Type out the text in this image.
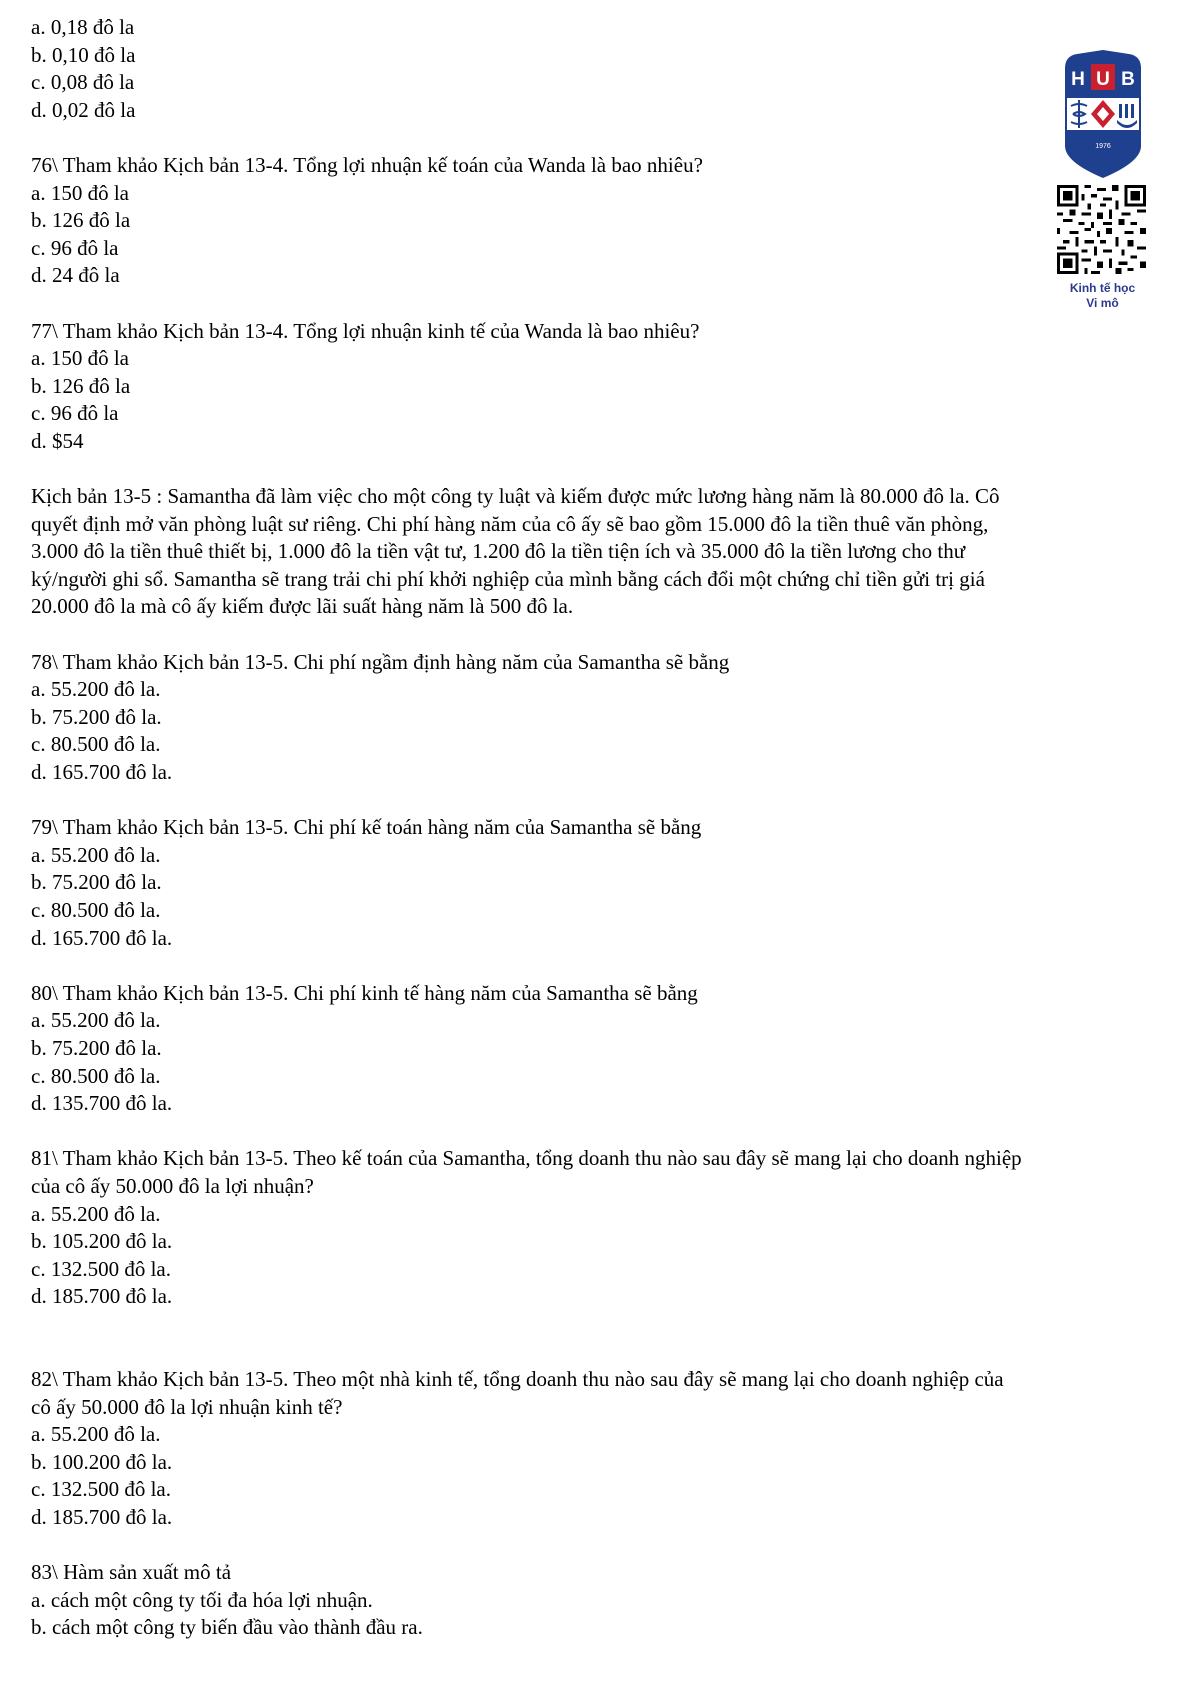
a. 0,18 đô la
b. 0,10 đô la
c. 0,08 đô la
d. 0,02 đô la
76\ Tham khảo Kịch bản 13-4. Tổng lợi nhuận kế toán của Wanda là bao nhiêu?
a. 150 đô la
b. 126 đô la
c. 96 đô la
d. 24 đô la
77\ Tham khảo Kịch bản 13-4. Tổng lợi nhuận kinh tế của Wanda là bao nhiêu?
a. 150 đô la
b. 126 đô la
c. 96 đô la
d. $54
Kịch bản 13-5 : Samantha đã làm việc cho một công ty luật và kiếm được mức lương hàng năm là 80.000 đô la. Cô
quyết định mở văn phòng luật sư riêng. Chi phí hàng năm của cô ấy sẽ bao gồm 15.000 đô la tiền thuê văn phòng,
3.000 đô la tiền thuê thiết bị, 1.000 đô la tiền vật tư, 1.200 đô la tiền tiện ích và 35.000 đô la tiền lương cho thư
ký/người ghi sổ. Samantha sẽ trang trải chi phí khởi nghiệp của mình bằng cách đổi một chứng chỉ tiền gửi trị giá
20.000 đô la mà cô ấy kiếm được lãi suất hàng năm là 500 đô la.
78\ Tham khảo Kịch bản 13-5. Chi phí ngầm định hàng năm của Samantha sẽ bằng
a. 55.200 đô la.
b. 75.200 đô la.
c. 80.500 đô la.
d. 165.700 đô la.
79\ Tham khảo Kịch bản 13-5. Chi phí kế toán hàng năm của Samantha sẽ bằng
a. 55.200 đô la.
b. 75.200 đô la.
c. 80.500 đô la.
d. 165.700 đô la.
80\ Tham khảo Kịch bản 13-5. Chi phí kinh tế hàng năm của Samantha sẽ bằng
a. 55.200 đô la.
b. 75.200 đô la.
c. 80.500 đô la.
d. 135.700 đô la.
81\ Tham khảo Kịch bản 13-5. Theo kế toán của Samantha, tổng doanh thu nào sau đây sẽ mang lại cho doanh nghiệp
của cô ấy 50.000 đô la lợi nhuận?
a. 55.200 đô la.
b. 105.200 đô la.
c. 132.500 đô la.
d. 185.700 đô la.
82\ Tham khảo Kịch bản 13-5. Theo một nhà kinh tế, tổng doanh thu nào sau đây sẽ mang lại cho doanh nghiệp của
cô ấy 50.000 đô la lợi nhuận kinh tế?
a. 55.200 đô la.
b. 100.200 đô la.
c. 132.500 đô la.
d. 185.700 đô la.
83\ Hàm sản xuất mô tả
a. cách một công ty tối đa hóa lợi nhuận.
b. cách một công ty biến đầu vào thành đầu ra.
H U B
1976
Kinh tế học
Vi mô
